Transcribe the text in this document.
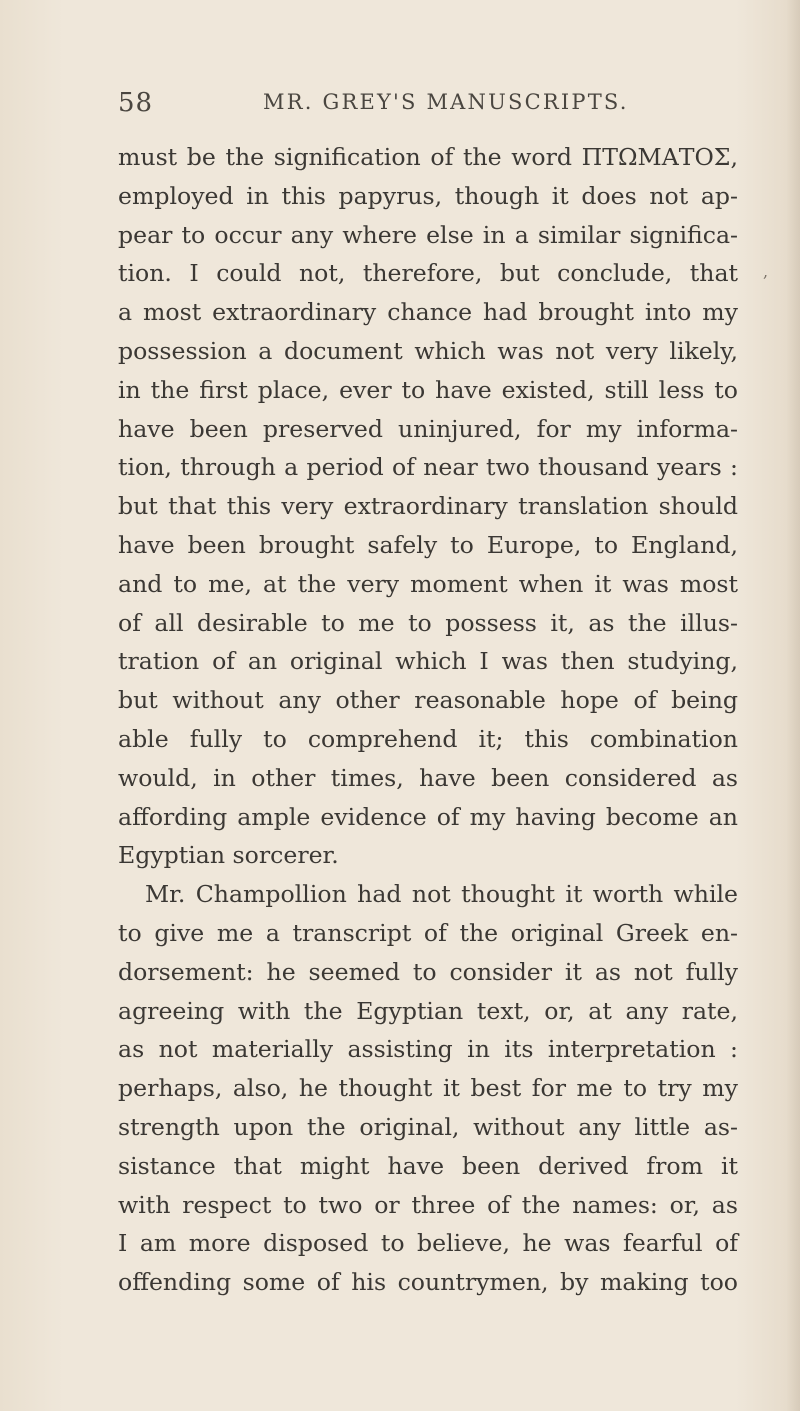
58	MR. GREY'S MANUSCRIPTS.
,
must be the signification of the word ΠΤΩΜΑΤΟΣ,
employed in this papyrus, though it does not ap-
pear to occur any where else in a similar significa-
tion. I could not, therefore, but conclude, that
a most extraordinary chance had brought into my
possession a document which was not very likely,
in the first place, ever to have existed, still less to
have been preserved uninjured, for my informa-
tion, through a period of near two thousand years :
but that this very extraordinary translation should
have been brought safely to Europe, to England,
and to me, at the very moment when it was most
of all desirable to me to possess it, as the illus-
tration of an original which I was then studying,
but without any other reasonable hope of being
able fully to comprehend it; this combination
would, in other times, have been considered as
affording ample evidence of my having become an
Egyptian sorcerer.
Mr. Champollion had not thought it worth while
to give me a transcript of the original Greek en-
dorsement: he seemed to consider it as not fully
agreeing with the Egyptian text, or, at any rate,
as not materially assisting in its interpretation :
perhaps, also, he thought it best for me to try my
strength upon the original, without any little as-
sistance that might have been derived from it
with respect to two or three of the names: or, as
I am more disposed to believe, he was fearful of
offending some of his countrymen, by making too
